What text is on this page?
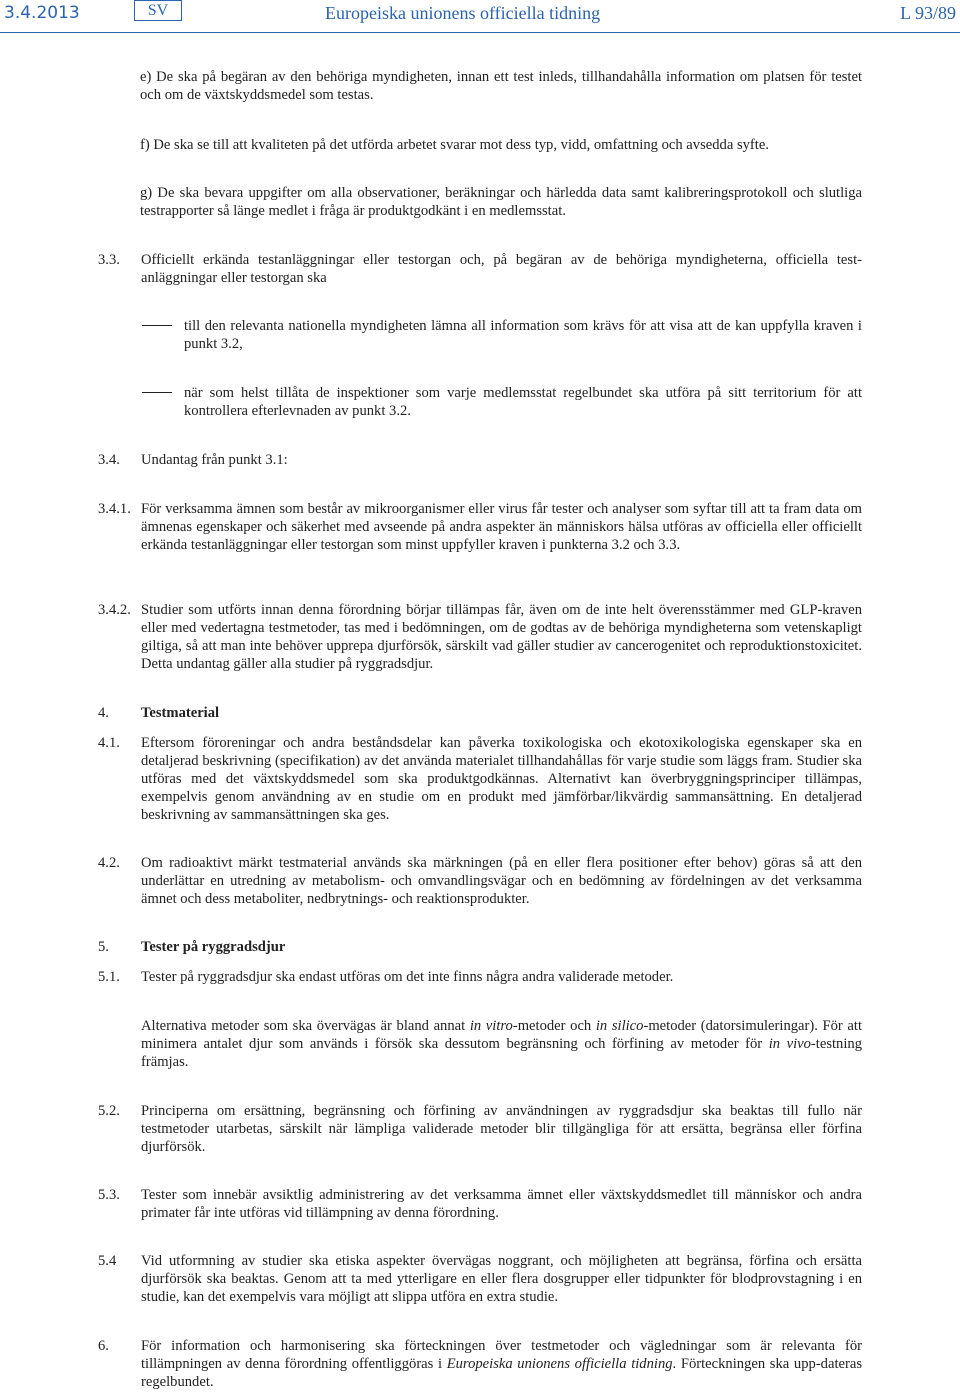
3.4.2013	SV	Europeiska unionens officiella tidning	L 93/89
e) De ska på begäran av den behöriga myndigheten, innan ett test inleds, tillhandahålla information om platsen för testet och om de växtskyddsmedel som testas.
f) De ska se till att kvaliteten på det utförda arbetet svarar mot dess typ, vidd, omfattning och avsedda syfte.
g) De ska bevara uppgifter om alla observationer, beräkningar och härledda data samt kalibreringsprotokoll och slutliga testrapporter så länge medlet i fråga är produktgodkänt i en medlemsstat.
3.3. Officiellt erkända testanläggningar eller testorgan och, på begäran av de behöriga myndigheterna, officiella test-anläggningar eller testorgan ska
till den relevanta nationella myndigheten lämna all information som krävs för att visa att de kan uppfylla kraven i punkt 3.2,
när som helst tillåta de inspektioner som varje medlemsstat regelbundet ska utföra på sitt territorium för att kontrollera efterlevnaden av punkt 3.2.
3.4. Undantag från punkt 3.1:
3.4.1. För verksamma ämnen som består av mikroorganismer eller virus får tester och analyser som syftar till att ta fram data om ämnenas egenskaper och säkerhet med avseende på andra aspekter än människors hälsa utföras av officiella eller officiellt erkända testanläggningar eller testorgan som minst uppfyller kraven i punkterna 3.2 och 3.3.
3.4.2. Studier som utförts innan denna förordning börjar tillämpas får, även om de inte helt överensstämmer med GLP-kraven eller med vedertagna testmetoder, tas med i bedömningen, om de godtas av de behöriga myndigheterna som vetenskapligt giltiga, så att man inte behöver upprepa djurförsök, särskilt vad gäller studier av cancerogenitet och reproduktionstoxicitet. Detta undantag gäller alla studier på ryggradsdjur.
4. Testmaterial
4.1. Eftersom föroreningar och andra beståndsdelar kan påverka toxikologiska och ekotoxikologiska egenskaper ska en detaljerad beskrivning (specifikation) av det använda materialet tillhandahållas för varje studie som läggs fram. Studier ska utföras med det växtskyddsmedel som ska produktgodkännas. Alternativt kan överbryggningsprinciper tillämpas, exempelvis genom användning av en studie om en produkt med jämförbar/likvärdig sammansättning. En detaljerad beskrivning av sammansättningen ska ges.
4.2. Om radioaktivt märkt testmaterial används ska märkningen (på en eller flera positioner efter behov) göras så att den underlättar en utredning av metabolism- och omvandlingsvägar och en bedömning av fördelningen av det verksamma ämnet och dess metaboliter, nedbrytnings- och reaktionsprodukter.
5. Tester på ryggradsdjur
5.1. Tester på ryggradsdjur ska endast utföras om det inte finns några andra validerade metoder.
Alternativa metoder som ska övervägas är bland annat in vitro-metoder och in silico-metoder (datorsimuleringar). För att minimera antalet djur som används i försök ska dessutom begränsning och förfining av metoder för in vivo-testning främjas.
5.2. Principerna om ersättning, begränsning och förfining av användningen av ryggradsdjur ska beaktas till fullo när testmetoder utarbetas, särskilt när lämpliga validerade metoder blir tillgängliga för att ersätta, begränsa eller förfina djurförsök.
5.3. Tester som innebär avsiktlig administrering av det verksamma ämnet eller växtskyddsmedlet till människor och andra primater får inte utföras vid tillämpning av denna förordning.
5.4 Vid utformning av studier ska etiska aspekter övervägas noggrant, och möjligheten att begränsa, förfina och ersätta djurförsök ska beaktas. Genom att ta med ytterligare en eller flera dosgrupper eller tidpunkter för blodprovstagning i en studie, kan det exempelvis vara möjligt att slippa utföra en extra studie.
6. För information och harmonisering ska förteckningen över testmetoder och vägledningar som är relevanta för tillämpningen av denna förordning offentliggöras i Europeiska unionens officiella tidning. Förteckningen ska upp-dateras regelbundet.
